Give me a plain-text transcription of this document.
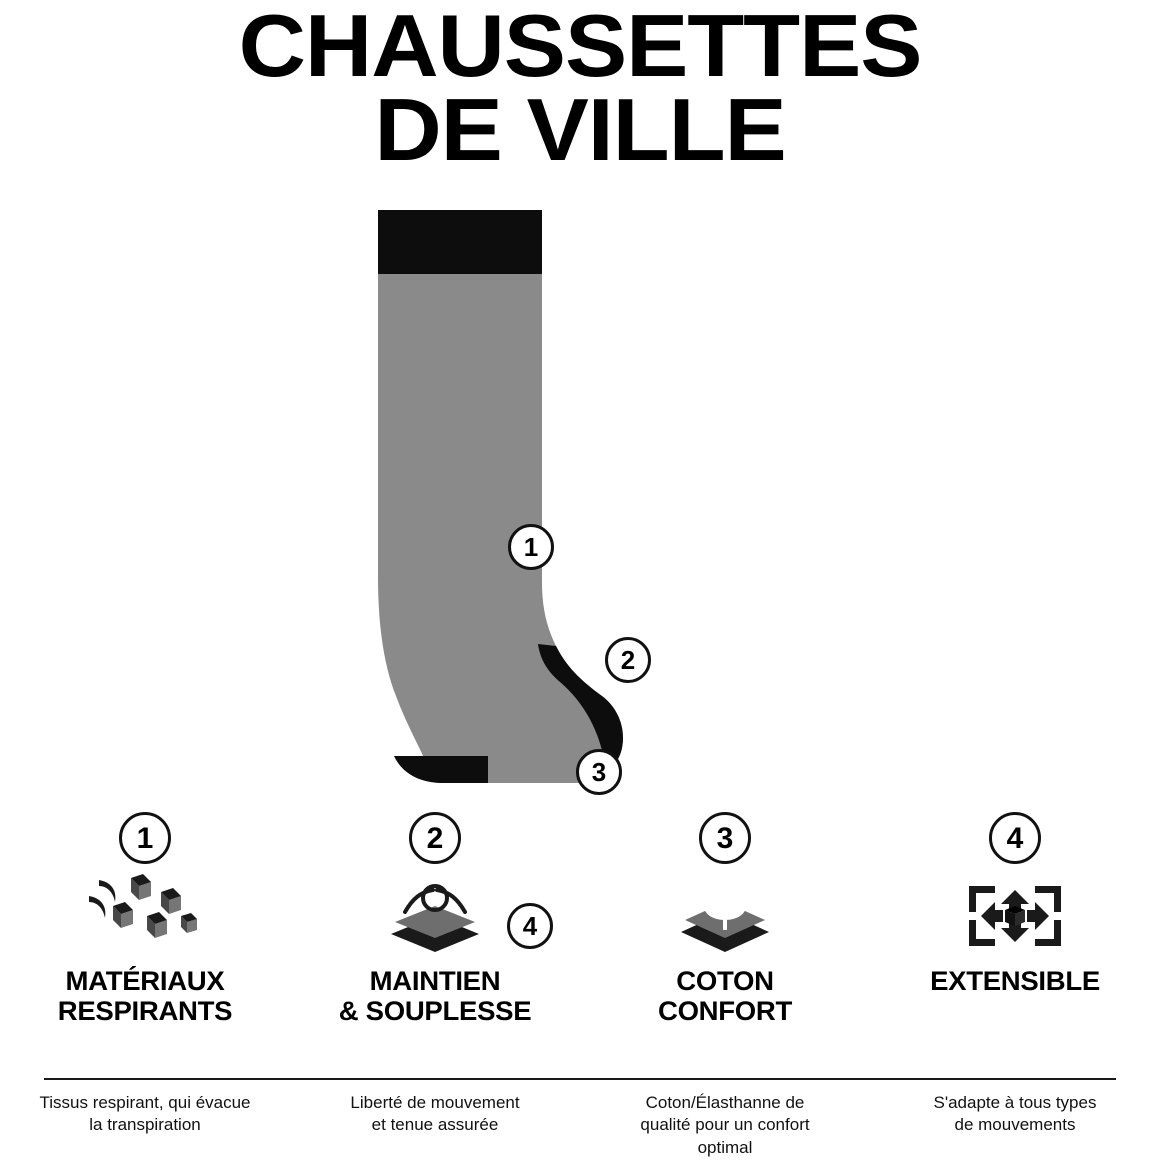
CHAUSSETTES
DE VILLE
1
2
3
4
1
MATÉRIAUX
RESPIRANTS
2
MAINTIEN
& SOUPLESSE
3
COTON
CONFORT
4
EXTENSIBLE
Tissus respirant, qui évacue
la transpiration
Liberté de mouvement
et tenue assurée
Coton/Élasthanne de
qualité pour un confort
optimal
S'adapte à tous types
de mouvements
